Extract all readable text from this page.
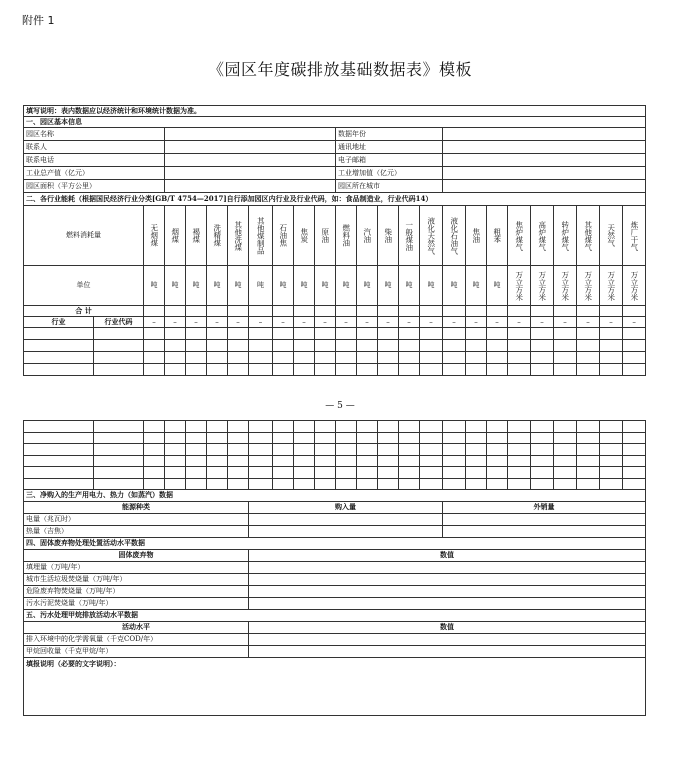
附件 1
《园区年度碳排放基础数据表》模板
填写说明：表内数据应以经济统计和环境统计数据为准。																								
一、园区基本信息																								
园区名称											数据年份													
联系人											通讯地址													
联系电话											电子邮箱													
工业总产值（亿元）											工业增加值（亿元）													
园区面积（平方公里）											园区所在城市													
二、各行业能耗（根据国民经济行业分类[GB/T 4754—2017]自行添加园区内行业及行业代码，如：食品制造业，行业代码14）																								
燃料消耗量		无烟煤	烟煤	褐煤	洗精煤	其他洗煤	其他煤制品	石油焦	焦炭	原油	燃料油	汽油	柴油	一般煤油	液化天然气	液化石油气	焦油	粗苯	焦炉煤气	高炉煤气	转炉煤气	其他煤气	天然气	炼厂干气

单位		吨	吨	吨	吨	吨	吨	吨	吨	吨	吨	吨	吨	吨	吨	吨	吨	吨	万立方米	万立方米	万立方米	万立方米	万立方米	万立方米

合 计																								
行业	行业代码	–	–	–	–	–	–	–	–	–	–	–	–	–	–	–	–	–	–	–	–	–	–	–

— 5 —

三、净购入的生产用电力、热力（如蒸汽）数据																								
能源种类							购入量									外销量								
电量（兆瓦时）																								
热量（吉焦）																								
四、固体废弃物处理处置活动水平数据																								
固体废弃物							数值																	
填埋量（万吨/年）																								
城市生活垃圾焚烧量（万吨/年）																								
危险废弃物焚烧量（万吨/年）																								
污水污泥焚烧量（万吨/年）																								
五、污水处理甲烷排放活动水平数据																								
活动水平							数值																	
排入环境中的化学需氧量（千克COD/年）																								
甲烷回收量（千克甲烷/年）																								
填报说明（必要的文字说明）：																								
